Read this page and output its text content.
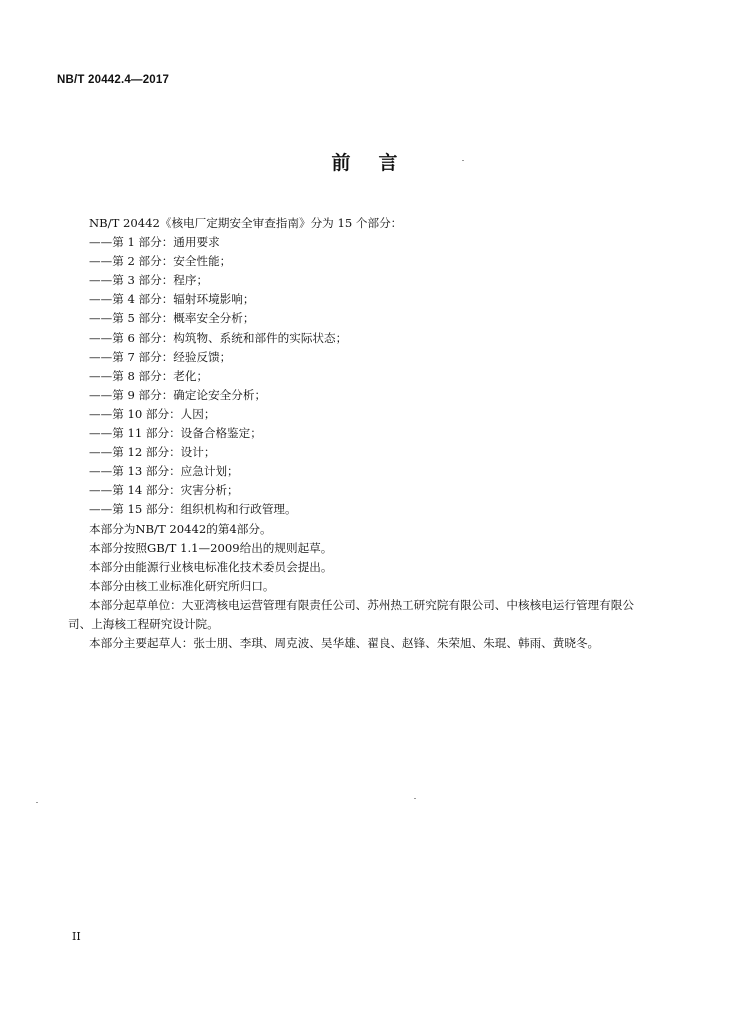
NB/T 20442.4—2017
前 言
NB/T 20442《核电厂定期安全审查指南》分为 15 个部分：
——第 1 部分：通用要求
——第 2 部分：安全性能；
——第 3 部分：程序；
——第 4 部分：辐射环境影响；
——第 5 部分：概率安全分析；
——第 6 部分：构筑物、系统和部件的实际状态；
——第 7 部分：经验反馈；
——第 8 部分：老化；
——第 9 部分：确定论安全分析；
——第 10 部分：人因；
——第 11 部分：设备合格鉴定；
——第 12 部分：设计；
——第 13 部分：应急计划；
——第 14 部分：灾害分析；
——第 15 部分：组织机构和行政管理。
本部分为NB/T 20442的第4部分。
本部分按照GB/T 1.1—2009给出的规则起草。
本部分由能源行业核电标准化技术委员会提出。
本部分由核工业标准化研究所归口。
本部分起草单位：大亚湾核电运营管理有限责任公司、苏州热工研究院有限公司、中核核电运行管理有限公司、上海核工程研究设计院。
本部分主要起草人：张士朋、李琪、周克波、吴华雄、翟良、赵锋、朱荣旭、朱琨、韩雨、黄晓冬。
II
